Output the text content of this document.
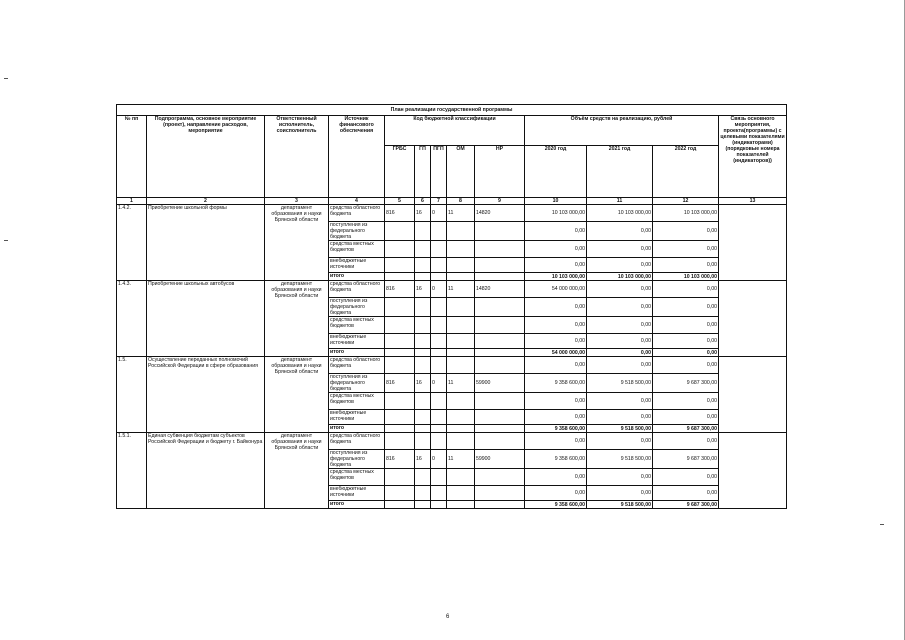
План реализации государственной программы												
№ пп	Подпрограмма, основное мероприятие (проект), направление расходов, мероприятие	Ответственный исполнитель, соисполнитель	Источник финансового обеспечения	Код бюджетной классификации					Объём средств на реализацию, рублей			Связь основного мероприятия, проекта(программы) с целевыми показателями (индикаторами) (порядковые номера показателей (индикаторов))
				ГРБС	ГП	ПГП	ОМ	НР	2020 год	2021 год	2022 год	
1	2	3	4	5	6	7	8	9	10	11	12	13
1.4.2.	Приобретение школьной формы	департамент образования и науки Брянской области	средства областного бюджета	816	16	0	11	14820	10 103 000,00	10 103 000,00	10 103 000,00	
			поступления из федерального бюджета						0,00	0,00	0,00	
			средства местных бюджетов						0,00	0,00	0,00	
			внебюджетные источники						0,00	0,00	0,00	
			итого						10 103 000,00	10 103 000,00	10 103 000,00	
1.4.3.	Приобретение школьных автобусов	департамент образования и науки Брянской области	средства областного бюджета	816	16	0	11	14820	54 000 000,00	0,00	0,00	
			поступления из федерального бюджета						0,00	0,00	0,00	
			средства местных бюджетов						0,00	0,00	0,00	
			внебюджетные источники						0,00	0,00	0,00	
			итого						54 000 000,00	0,00	0,00	
1.5.	Осуществление переданных полномочий Российской Федерации в сфере образования	департамент образования и науки Брянской области	средства областного бюджета						0,00	0,00	0,00	
			поступления из федерального бюджета	816	16	0	11	59900	9 358 600,00	9 518 500,00	9 687 300,00	
			средства местных бюджетов						0,00	0,00	0,00	
			внебюджетные источники						0,00	0,00	0,00	
			итого						9 358 600,00	9 518 500,00	9 687 300,00	
1.5.1.	Единая субвенция бюджетам субъектов Российской Федерации и бюджету г. Байконура	департамент образования и науки Брянской области	средства областного бюджета						0,00	0,00	0,00	
			поступления из федерального бюджета	816	16	0	11	59900	9 358 600,00	9 518 500,00	9 687 300,00	
			средства местных бюджетов						0,00	0,00	0,00	
			внебюджетные источники						0,00	0,00	0,00	
			итого						9 358 600,00	9 518 500,00	9 687 300,00	
6
